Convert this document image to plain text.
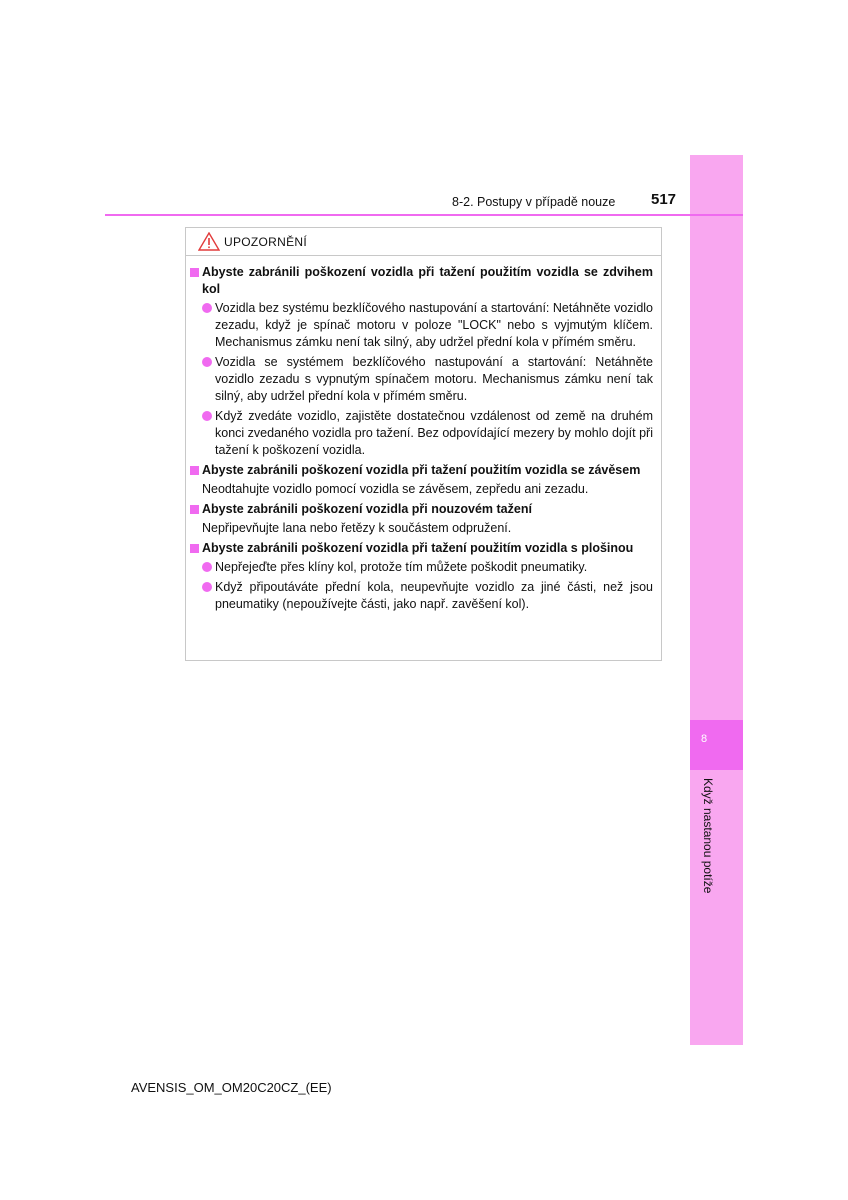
8
Když nastanou potíže
8-2. Postupy v případě nouze 517
UPOZORNĚNÍ
Abyste zabránili poškození vozidla při tažení použitím vozidla se zdvihem kol
Vozidla bez systému bezklíčového nastupování a startování: Netáhněte vozidlo zezadu, když je spínač motoru v poloze "LOCK" nebo s vyjmutým klíčem. Mechanismus zámku není tak silný, aby udržel přední kola v přímém směru.
Vozidla se systémem bezklíčového nastupování a startování: Netáhněte vozidlo zezadu s vypnutým spínačem motoru. Mechanismus zámku není tak silný, aby udržel přední kola v přímém směru.
Když zvedáte vozidlo, zajistěte dostatečnou vzdálenost od země na druhém konci zvedaného vozidla pro tažení. Bez odpovídající mezery by mohlo dojít při tažení k poškození vozidla.
Abyste zabránili poškození vozidla při tažení použitím vozidla se závěsem
Neodtahujte vozidlo pomocí vozidla se závěsem, zepředu ani zezadu.
Abyste zabránili poškození vozidla při nouzovém tažení
Nepřipevňujte lana nebo řetězy k součástem odpružení.
Abyste zabránili poškození vozidla při tažení použitím vozidla s plošinou
Nepřejeďte přes klíny kol, protože tím můžete poškodit pneumatiky.
Když připoutáváte přední kola, neupevňujte vozidlo za jiné části, než jsou pneumatiky (nepoužívejte části, jako např. zavěšení kol).
AVENSIS_OM_OM20C20CZ_(EE)
